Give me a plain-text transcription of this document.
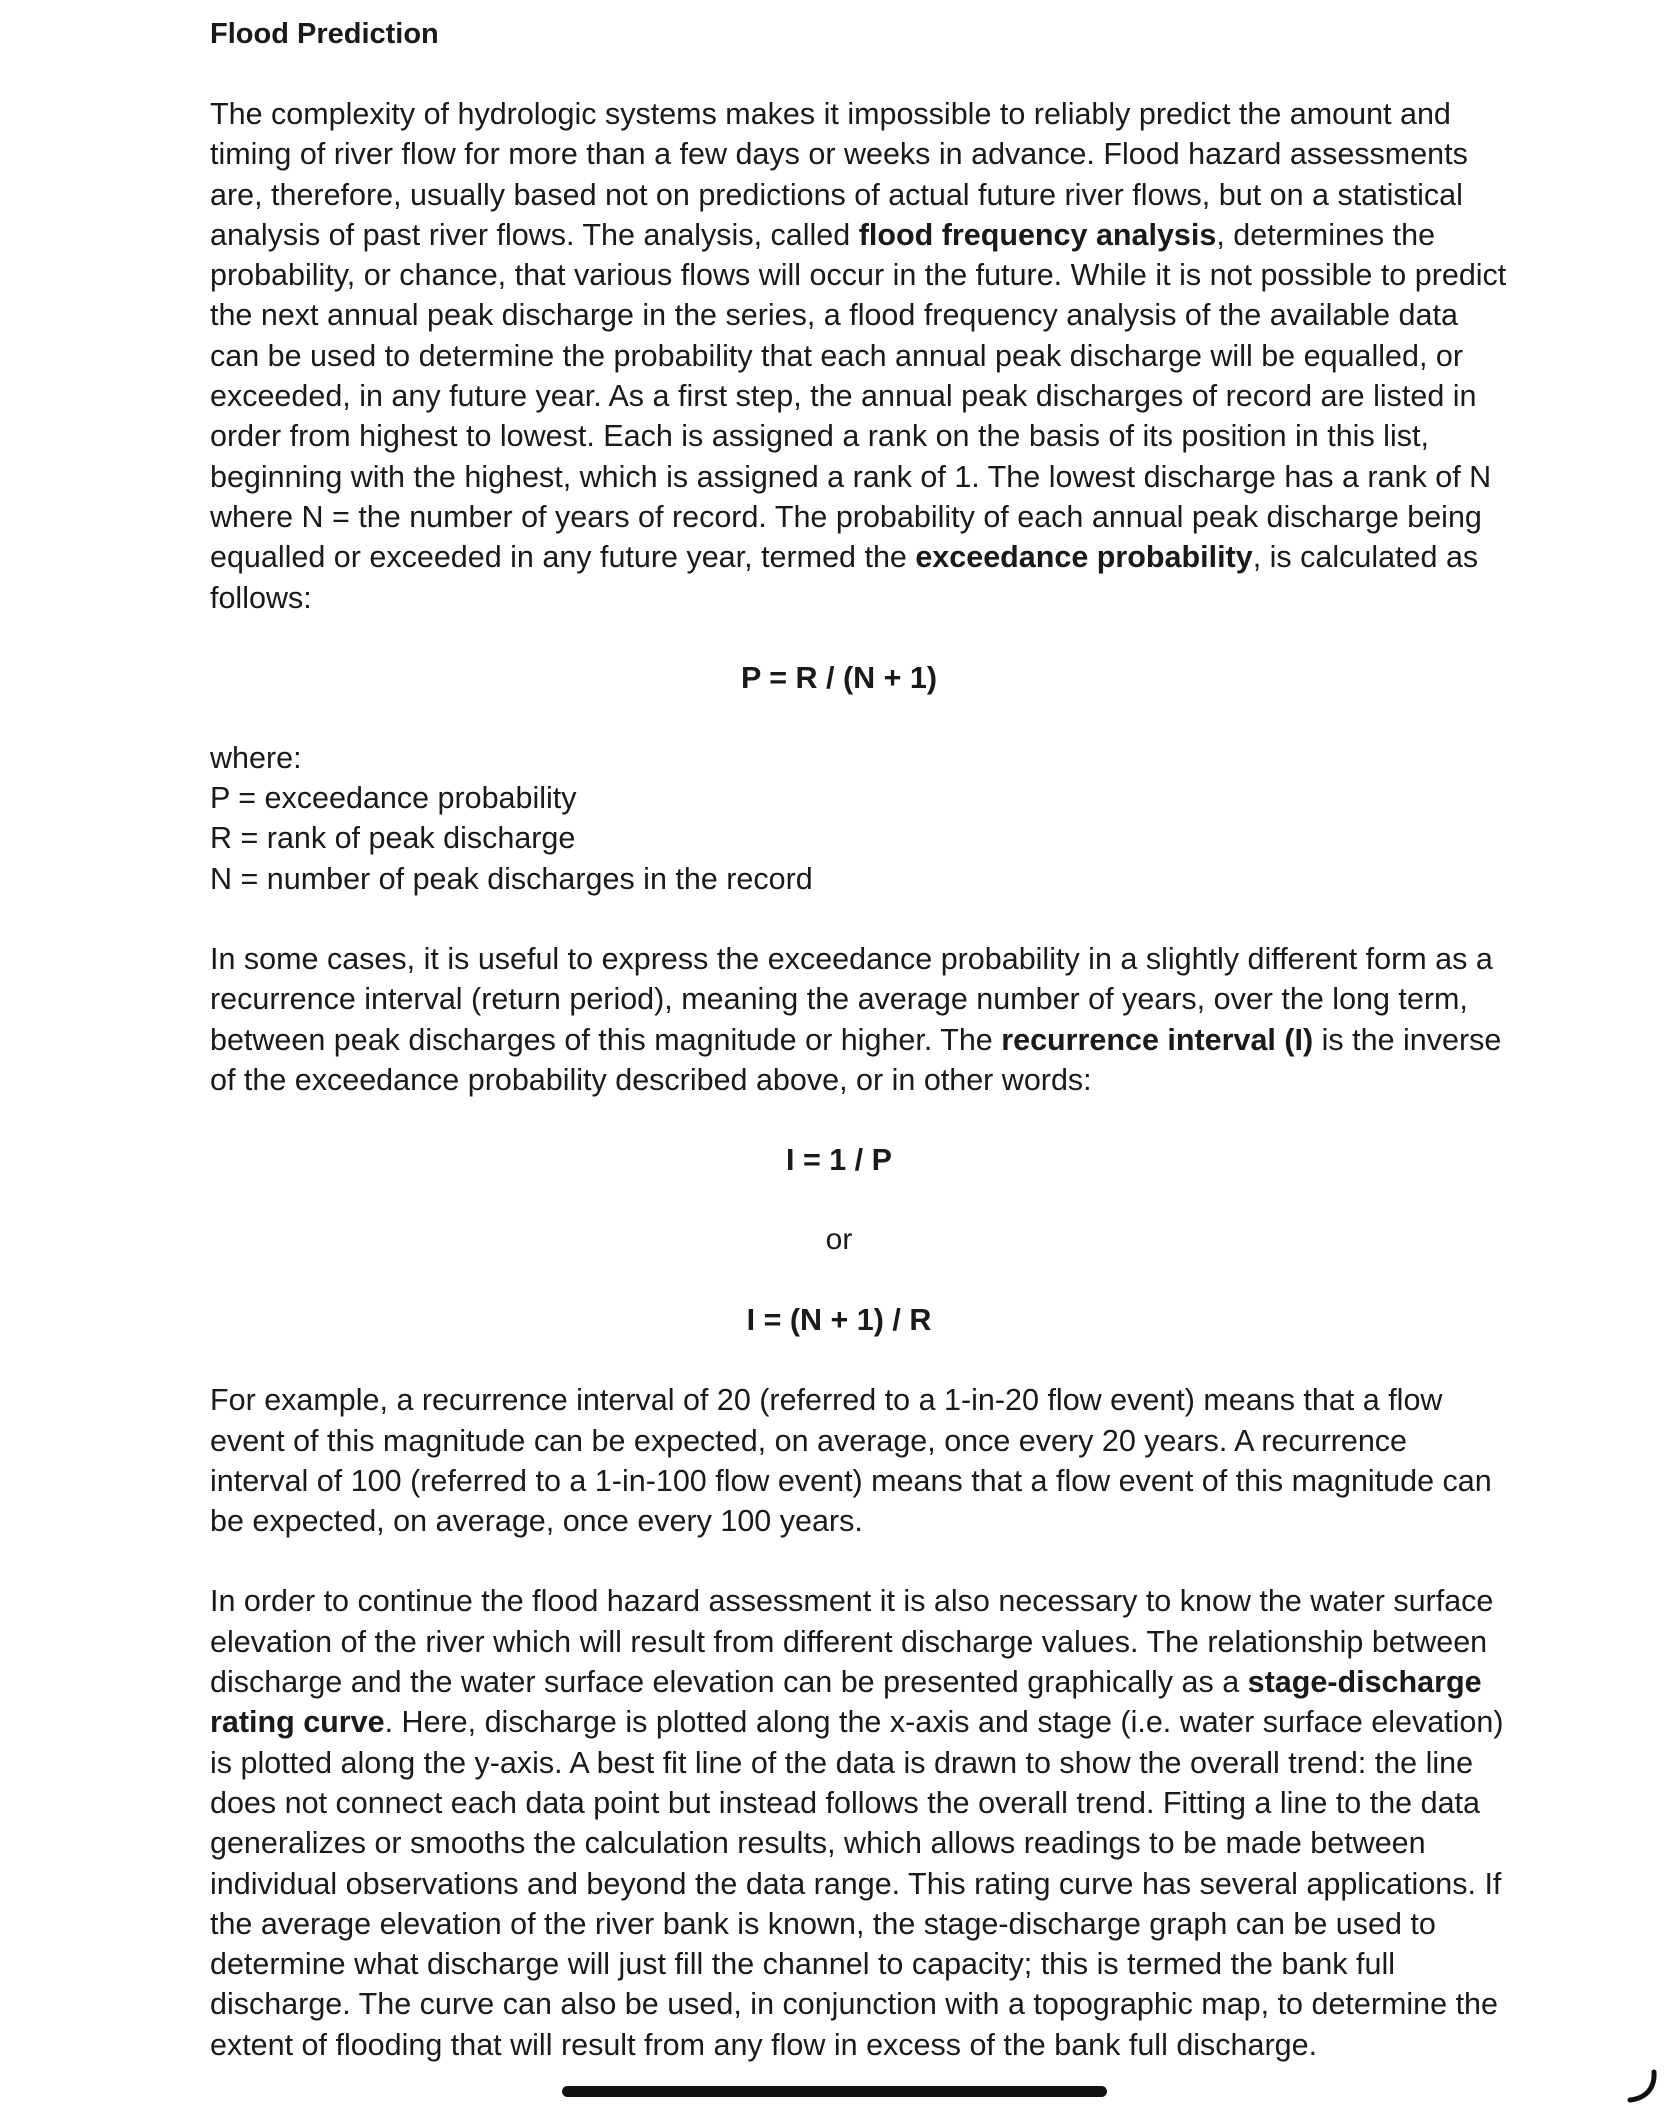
Flood Prediction

The complexity of hydrologic systems makes it impossible to reliably predict the amount and timing of river flow for more than a few days or weeks in advance. Flood hazard assessments are, therefore, usually based not on predictions of actual future river flows, but on a statistical analysis of past river flows. The analysis, called flood frequency analysis, determines the probability, or chance, that various flows will occur in the future. While it is not possible to predict the next annual peak discharge in the series, a flood frequency analysis of the available data can be used to determine the probability that each annual peak discharge will be equalled, or exceeded, in any future year. As a first step, the annual peak discharges of record are listed in order from highest to lowest. Each is assigned a rank on the basis of its position in this list, beginning with the highest, which is assigned a rank of 1. The lowest discharge has a rank of N where N = the number of years of record. The probability of each annual peak discharge being equalled or exceeded in any future year, termed the exceedance probability, is calculated as follows:

P = R / (N + 1)
where:
P = exceedance probability
R = rank of peak discharge
N = number of peak discharges in the record

In some cases, it is useful to express the exceedance probability in a slightly different form as a recurrence interval (return period), meaning the average number of years, over the long term, between peak discharges of this magnitude or higher. The recurrence interval (I) is the inverse of the exceedance probability described above, or in other words:

I = 1 / P
or
I = (N + 1) / R

For example, a recurrence interval of 20 (referred to a 1-in-20 flow event) means that a flow event of this magnitude can be expected, on average, once every 20 years. A recurrence interval of 100 (referred to a 1-in-100 flow event) means that a flow event of this magnitude can be expected, on average, once every 100 years.

In order to continue the flood hazard assessment it is also necessary to know the water surface elevation of the river which will result from different discharge values. The relationship between discharge and the water surface elevation can be presented graphically as a stage-discharge rating curve. Here, discharge is plotted along the x-axis and stage (i.e. water surface elevation) is plotted along the y-axis. A best fit line of the data is drawn to show the overall trend: the line does not connect each data point but instead follows the overall trend. Fitting a line to the data generalizes or smooths the calculation results, which allows readings to be made between individual observations and beyond the data range. This rating curve has several applications. If the average elevation of the river bank is known, the stage-discharge graph can be used to determine what discharge will just fill the channel to capacity; this is termed the bank full discharge. The curve can also be used, in conjunction with a topographic map, to determine the extent of flooding that will result from any flow in excess of the bank full discharge.
